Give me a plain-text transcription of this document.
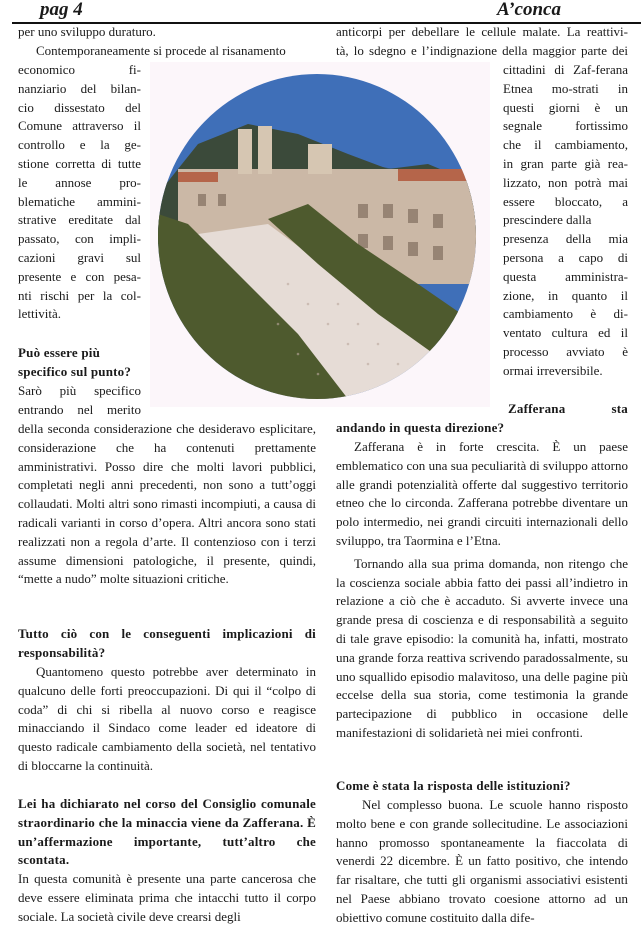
pag 4	A’conca

per uno sviluppo duraturo.

Contemporaneamente si procede al risanamento

economico fi-

nanziario del bilan-

cio dissestato del

Comune attraverso il

controllo e la ge-

stione corretta di tutte

le annose pro-

blematiche ammini-

strative ereditate dal

passato, con impli-

cazioni gravi sul

presente e con pesa-

nti rischi per la col-

lettività.

Può essere più

specifico sul punto?

Sarò più specifico

entrando nel merito

della seconda considerazione che desideravo esplicitare, considerazione che ha contenuti prettamente amministrativi. Posso dire che molti lavori pubblici, completati negli anni precedenti, non sono a tutt’oggi collaudati. Molti altri sono rimasti incompiuti, a causa di radicali varianti in corso d’opera. Altri ancora sono stati realizzati non a regola d’arte. Il contenzioso con i terzi assume dimensioni patologiche, il presente, quindi, “mette a nudo” molte situazioni critiche.

Tutto ciò con le conseguenti implicazioni di responsabilità?

Quantomeno questo potrebbe aver determinato in qualcuno delle forti preoccupazioni. Di qui il “colpo di coda” di chi si ribella al nuovo corso e reagisce minacciando il Sindaco come leader ed ideatore di questo radicale cambiamento della società, nel tentativo di bloccarne la continuità.

Lei ha dichiarato nel corso del Consiglio comunale straordinario che la minaccia viene da Zafferana. È un’affermazione importante, tutt’altro che scontata.

In questa comunità è presente una parte cancerosa che deve essere eliminata prima che intacchi tutto il corpo sociale. La società civile deve crearsi degli

anticorpi per debellare le cellule malate. La reattivi-

tà, lo sdegno e l’indignazione della maggior parte dei

cittadini di Zaf-ferana

Etnea mo-strati in

questi giorni è un

segnale fortissimo

che il cambiamento,

in gran parte già rea-

lizzato, non potrà mai

essere bloccato, a

prescindere dalla

presenza della mia

persona a capo di

questa amministra-

zione, in quanto il

cambiamento è di-

ventato cultura ed il

processo avviato è

ormai irreversibile.

Zafferana	sta

andando in questa direzione?

Zafferana è in forte crescita. È un paese emblematico con una sua peculiarità di sviluppo attorno alle grandi potenzialità offerte dal suggestivo territorio etneo che lo circonda. Zafferana potrebbe diventare un polo intermedio, nei grandi circuiti internazionali dello sviluppo, tra Taormina e l’Etna.

Tornando alla sua prima domanda, non ritengo che la coscienza sociale abbia fatto dei passi all’indietro in relazione a ciò che è accaduto. Si avverte invece una grande presa di coscienza e di responsabilità a seguito di tale grave episodio: la comunità ha, infatti, mostrato una grande forza reattiva scrivendo paradossalmente, su uno squallido episodio malavitoso, una delle pagine più eccelse della sua storia, come testimonia la grande partecipazione di pubblico in occasione delle manifestazioni di solidarietà nei miei confronti.

Come è stata la risposta delle istituzioni?

Nel complesso buona. Le scuole hanno risposto molto bene e con grande sollecitudine. Le associazioni hanno promosso spontaneamente la fiaccolata di venerdi 22 dicembre. È un fatto positivo, che intendo far risaltare, che tutti gli organismi associativi esistenti nel Paese abbiano trovato coesione attorno ad un obiettivo comune costituito dalla dife-
